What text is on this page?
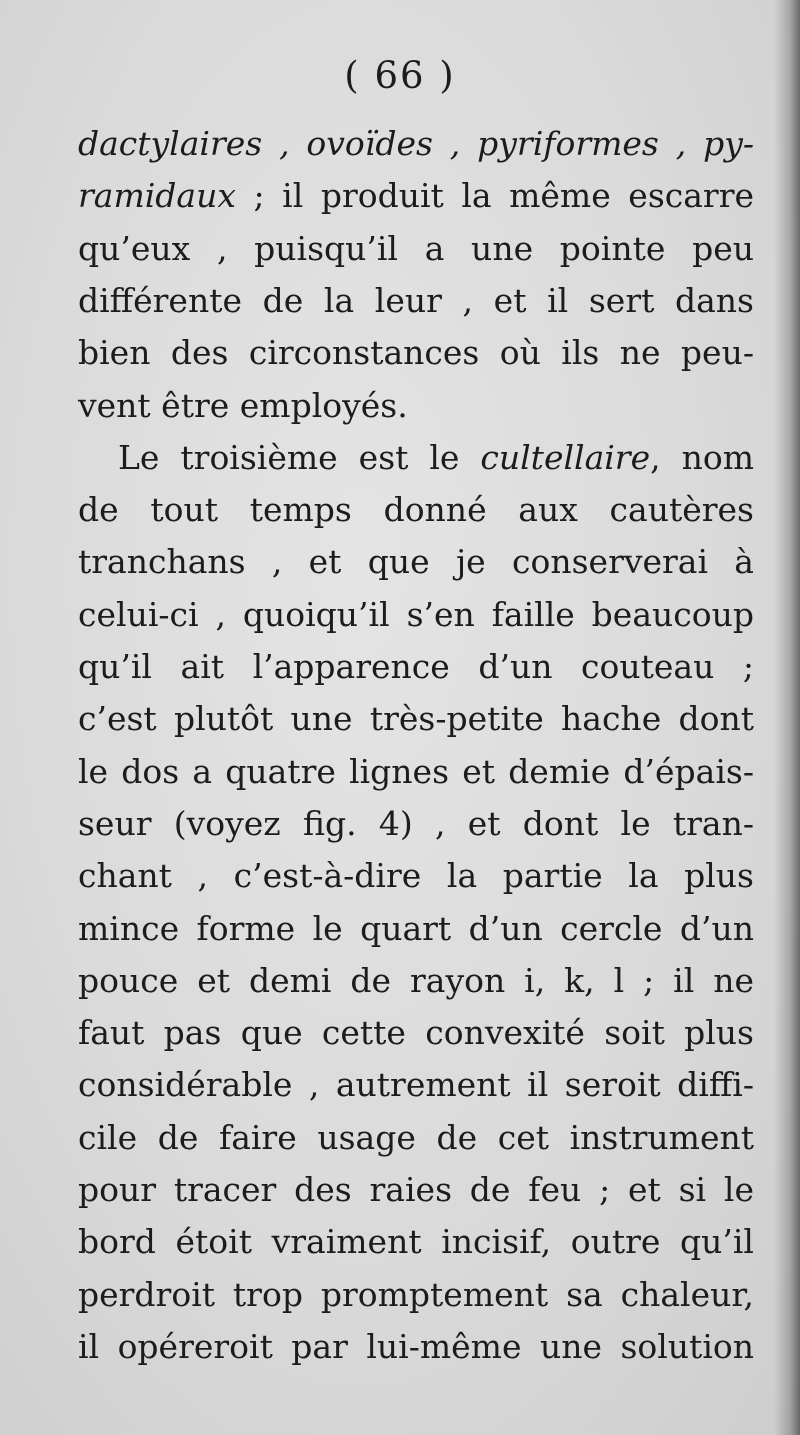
( 66 )
dactylaires , ovoïdes , pyriformes , py-
ramidaux ; il produit la même escarre
qu’eux , puisqu’il a une pointe peu
différente de la leur , et il sert dans
bien des circonstances où ils ne peu-
vent être employés.
Le troisième est le cultellaire, nom
de tout temps donné aux cautères
tranchans , et que je conserverai à
celui-ci , quoiqu’il s’en faille beaucoup
qu’il ait l’apparence d’un couteau ;
c’est plutôt une très-petite hache dont
le dos a quatre lignes et demie d’épais-
seur (voyez fig. 4) , et dont le tran-
chant , c’est-à-dire la partie la plus
mince forme le quart d’un cercle d’un
pouce et demi de rayon i, k, l ; il ne
faut pas que cette convexité soit plus
considérable , autrement il seroit diffi-
cile de faire usage de cet instrument
pour tracer des raies de feu ; et si le
bord étoit vraiment incisif, outre qu’il
perdroit trop promptement sa chaleur,
il opéreroit par lui-même une solution
